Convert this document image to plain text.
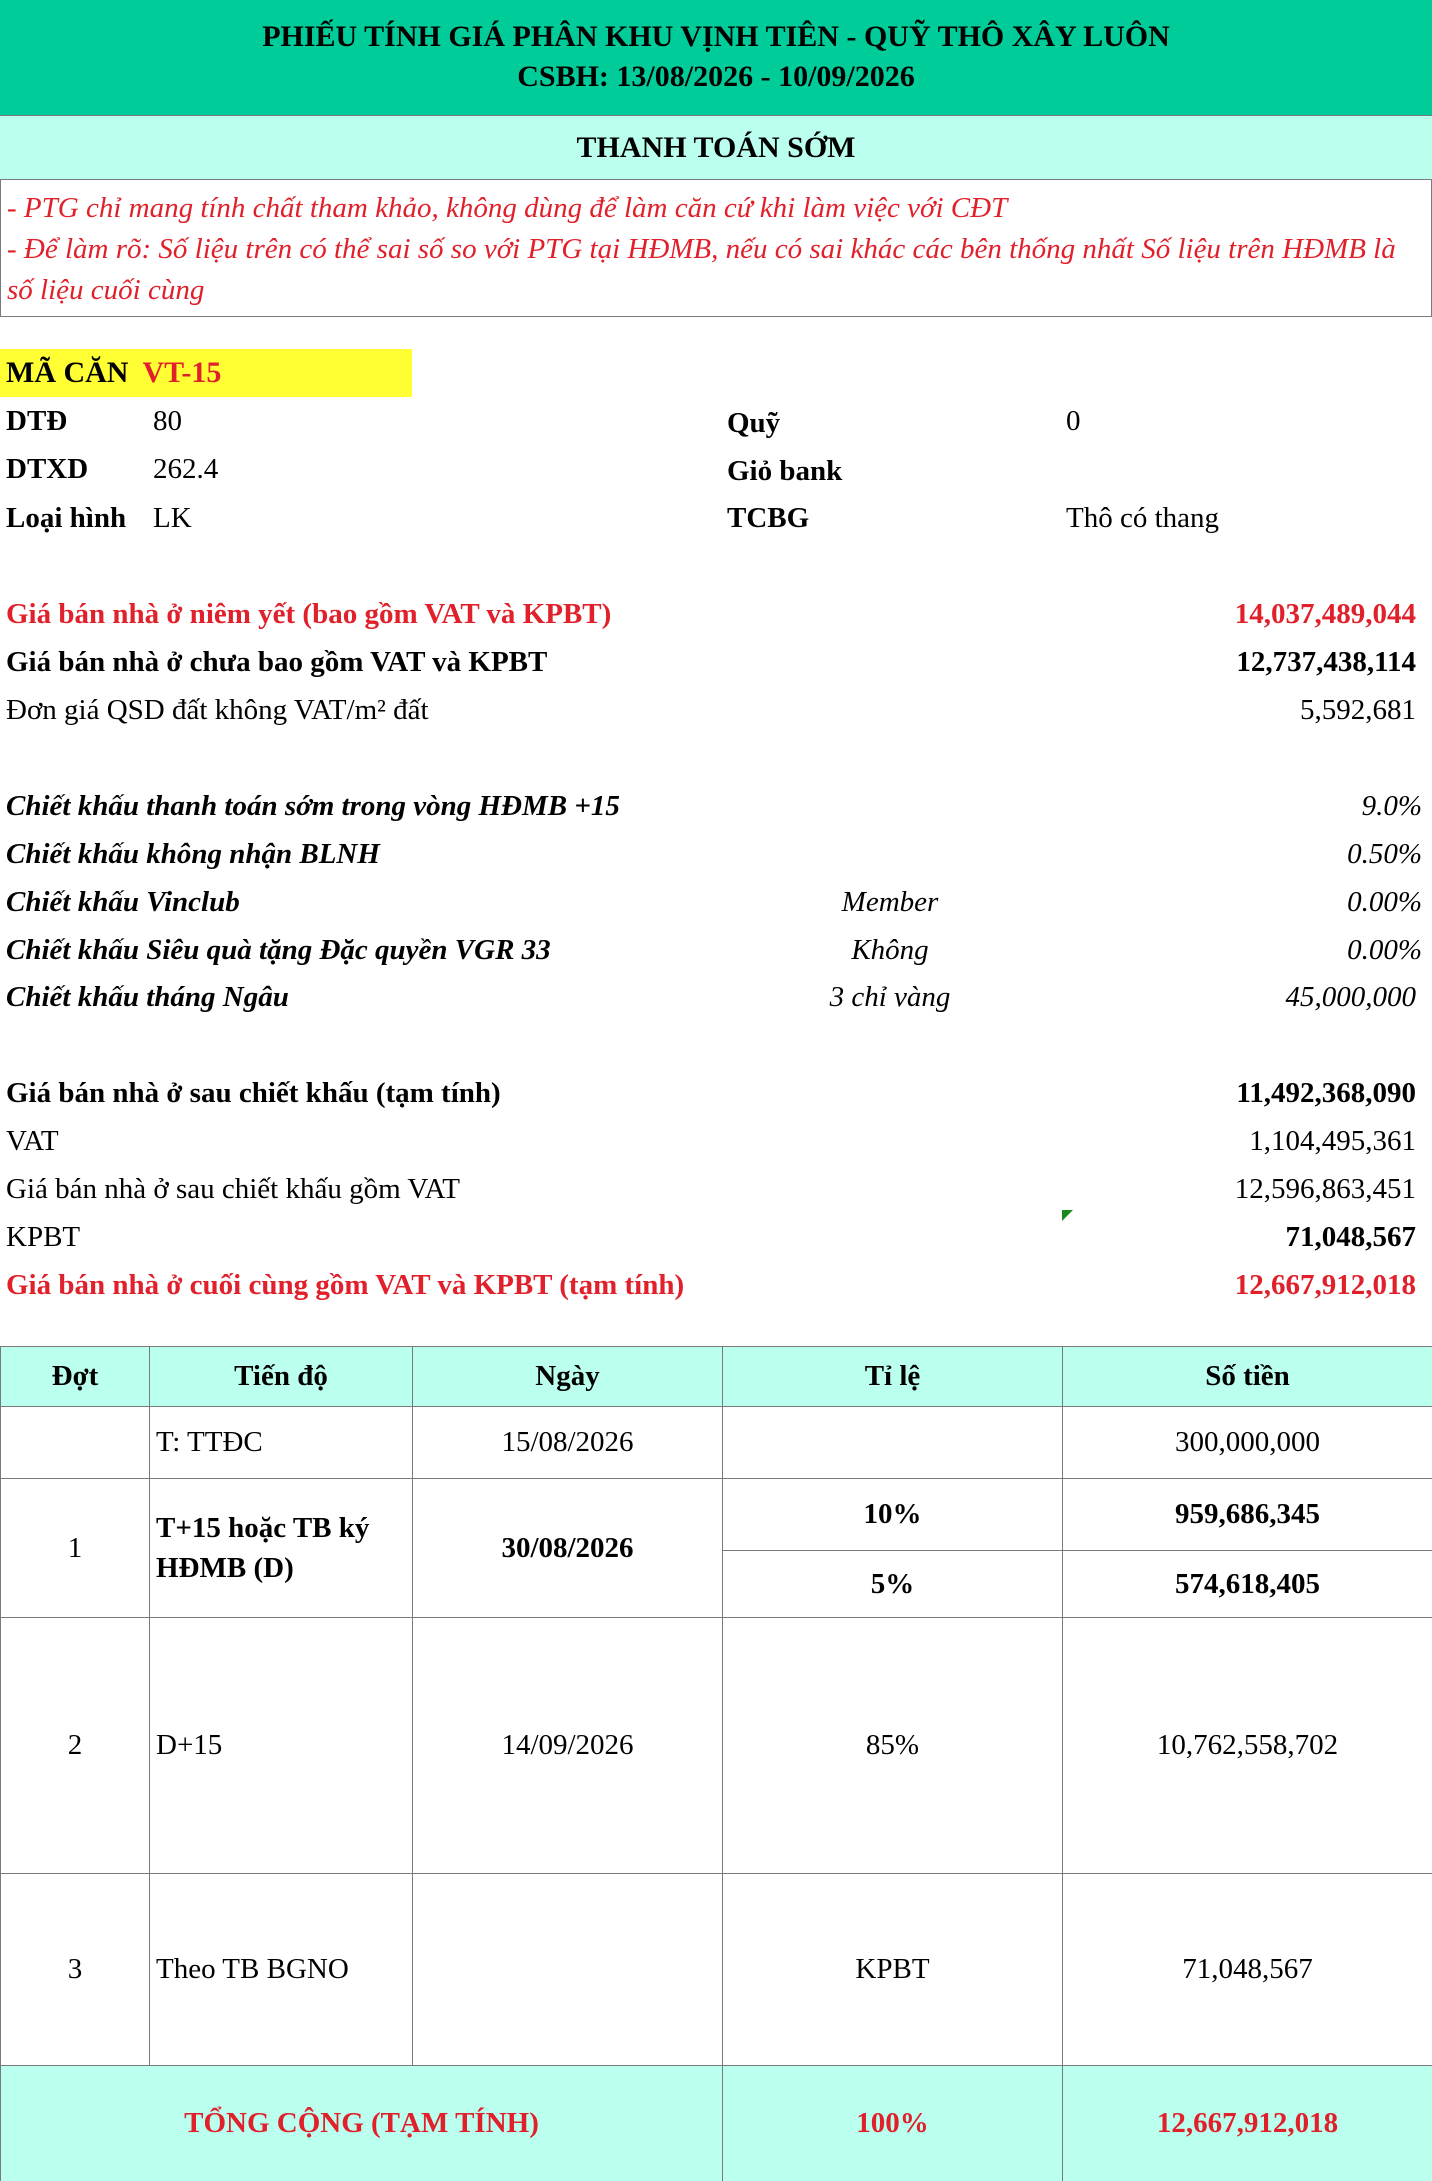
PHIẾU TÍNH GIÁ PHÂN KHU VỊNH TIÊN - QUỸ THÔ XÂY LUÔN
CSBH: 13/08/2026 - 10/09/2026
THANH TOÁN SỚM
- PTG chỉ mang tính chất tham khảo, không dùng để làm căn cứ khi làm việc với CĐT
- Để làm rõ: Số liệu trên có thể sai số so với PTG tại HĐMB, nếu có sai khác các bên thống nhất Số liệu trên HĐMB là số liệu cuối cùng
MÃ CĂN VT-15
DTĐ	80	Quỹ	0
DTXD 262.4	Giỏ bank
Loại hình LK	TCBG	Thô có thang
Giá bán nhà ở niêm yết (bao gồm VAT và KPBT)	14,037,489,044
Giá bán nhà ở chưa bao gồm VAT và KPBT	12,737,438,114
Đơn giá QSD đất không VAT/m² đất	5,592,681
Chiết khấu thanh toán sớm trong vòng HĐMB +15	9.0%
Chiết khấu không nhận BLNH	0.50%
Chiết khấu Vinclub	Member	0.00%
Chiết khấu Siêu quà tặng Đặc quyền VGR 33	Không	0.00%
Chiết khấu tháng Ngâu	3 chỉ vàng	45,000,000
Giá bán nhà ở sau chiết khấu (tạm tính)	11,492,368,090
VAT	1,104,495,361
Giá bán nhà ở sau chiết khấu gồm VAT	12,596,863,451
KPBT	71,048,567
Giá bán nhà ở cuối cùng gồm VAT và KPBT (tạm tính)	12,667,912,018
Đợt	Tiến độ	Ngày	Tỉ lệ	Số tiền
	T: TTĐC	15/08/2026		300,000,000
1	T+15 hoặc TB ký HĐMB (D)	30/08/2026	10%	959,686,345
			5%	574,618,405
2	D+15	14/09/2026	85%	10,762,558,702
3	Theo TB BGNO		KPBT	71,048,567
TỔNG CỘNG (TẠM TÍNH)			100%	12,667,912,018
